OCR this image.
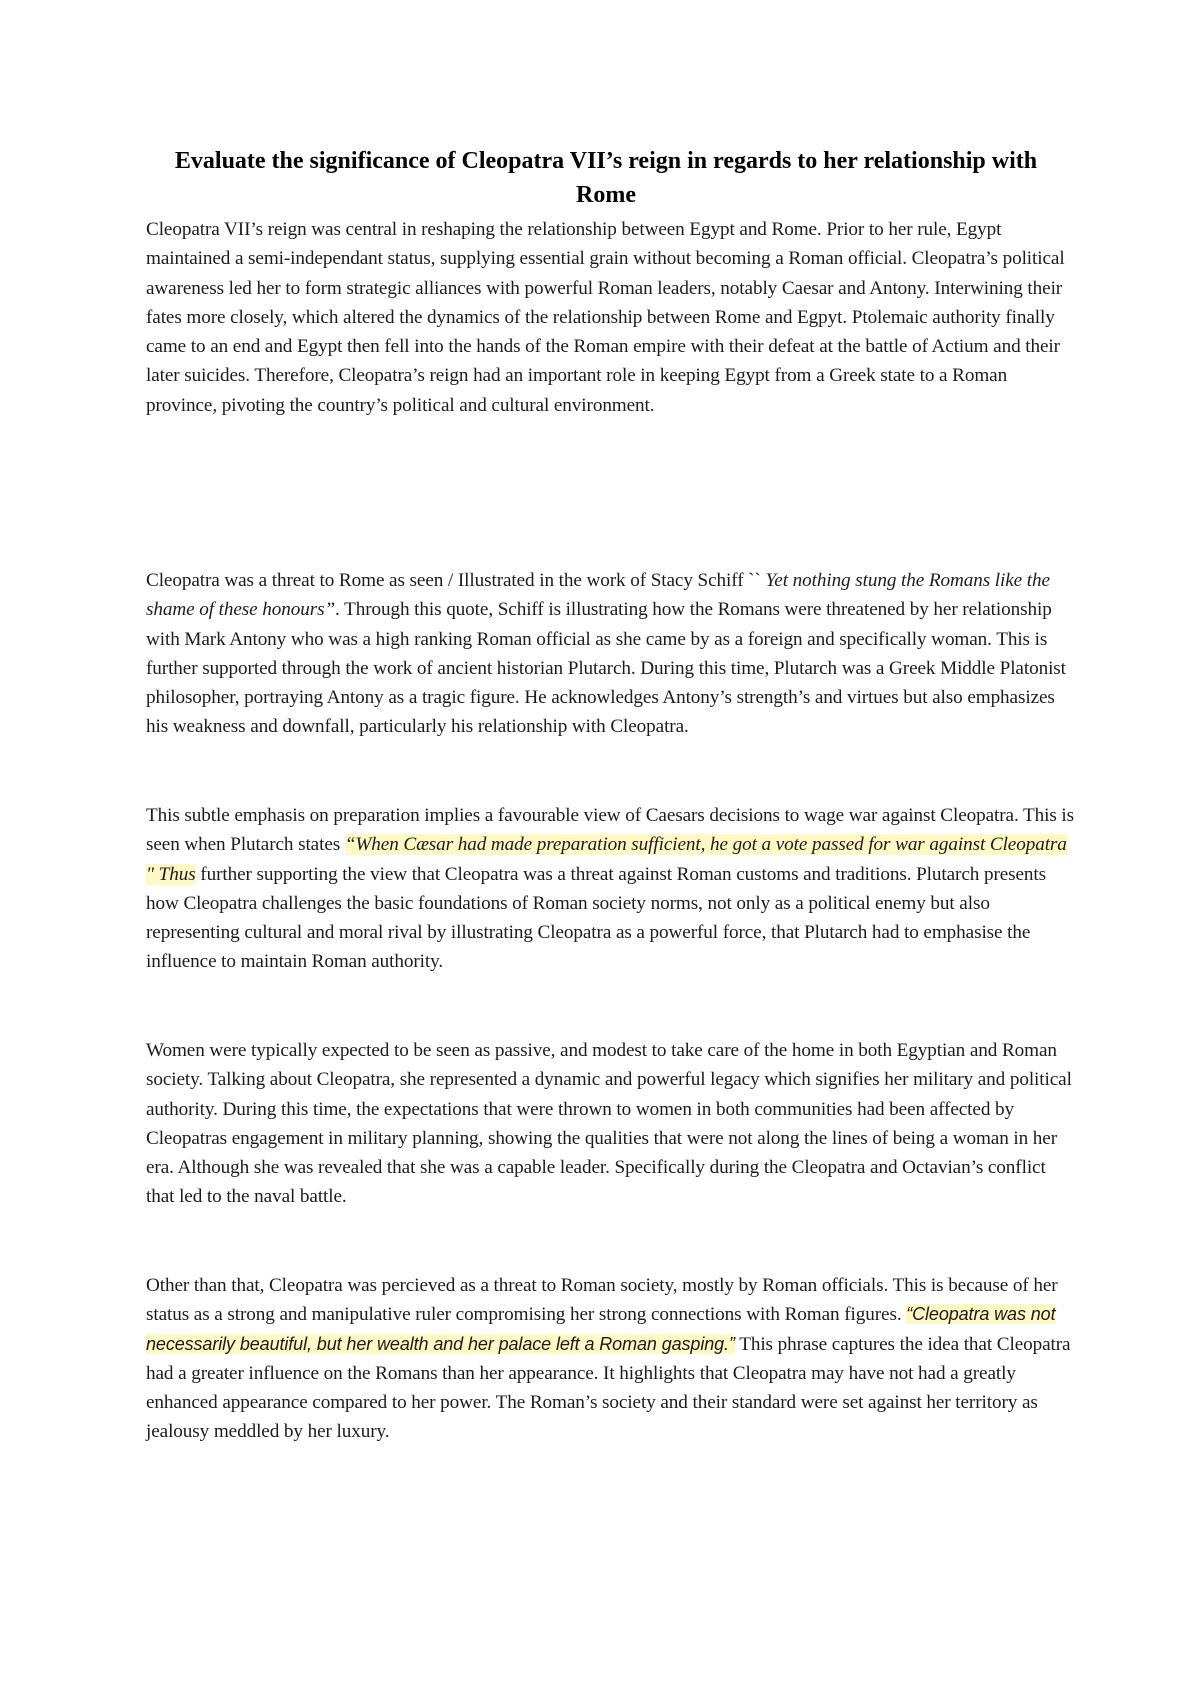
Evaluate the significance of Cleopatra VII’s reign in regards to her relationship with Rome

Cleopatra VII’s reign was central in reshaping the relationship between Egypt and Rome. Prior to her rule, Egypt maintained a semi-independant status, supplying essential grain without becoming a Roman official. Cleopatra’s political awareness led her to form strategic alliances with powerful Roman leaders, notably Caesar and Antony. Interwining their fates more closely, which altered the dynamics of the relationship between Rome and Egpyt. Ptolemaic authority finally came to an end and Egypt then fell into the hands of the Roman empire with their defeat at the battle of Actium and their later suicides. Therefore, Cleopatra’s reign had an important role in keeping Egypt from a Greek state to a Roman province, pivoting the country’s political and cultural environment.

Cleopatra was a threat to Rome as seen / Illustrated in the work of Stacy Schiff `` Yet nothing stung the Romans like the shame of these honours”. Through this quote, Schiff is illustrating how the Romans were threatened by her relationship with Mark Antony who was a high ranking Roman official as she came by as a foreign and specifically woman. This is further supported through the work of ancient historian Plutarch. During this time, Plutarch was a Greek Middle Platonist philosopher, portraying Antony as a tragic figure. He acknowledges Antony’s strength’s and virtues but also emphasizes his weakness and downfall, particularly his relationship with Cleopatra.

This subtle emphasis on preparation implies a favourable view of Caesars decisions to wage war against Cleopatra. This is seen when Plutarch states “When Cæsar had made preparation sufficient, he got a vote passed for war against Cleopatra " Thus further supporting the view that Cleopatra was a threat against Roman customs and traditions. Plutarch presents how Cleopatra challenges the basic foundations of Roman society norms, not only as a political enemy but also representing cultural and moral rival by illustrating Cleopatra as a powerful force, that Plutarch had to emphasise the influence to maintain Roman authority.

Women were typically expected to be seen as passive, and modest to take care of the home in both Egyptian and Roman society. Talking about Cleopatra, she represented a dynamic and powerful legacy which signifies her military and political authority. During this time, the expectations that were thrown to women in both communities had been affected by Cleopatras engagement in military planning, showing the qualities that were not along the lines of being a woman in her era. Although she was revealed that she was a capable leader. Specifically during the Cleopatra and Octavian’s conflict that led to the naval battle.

Other than that, Cleopatra was percieved as a threat to Roman society, mostly by Roman officials. This is because of her status as a strong and manipulative ruler compromising her strong connections with Roman figures. “Cleopatra was not necessarily beautiful, but her wealth and her palace left a Roman gasping.” This phrase captures the idea that Cleopatra had a greater influence on the Romans than her appearance. It highlights that Cleopatra may have not had a greatly enhanced appearance compared to her power. The Roman’s society and their standard were set against her territory as jealousy meddled by her luxury.
